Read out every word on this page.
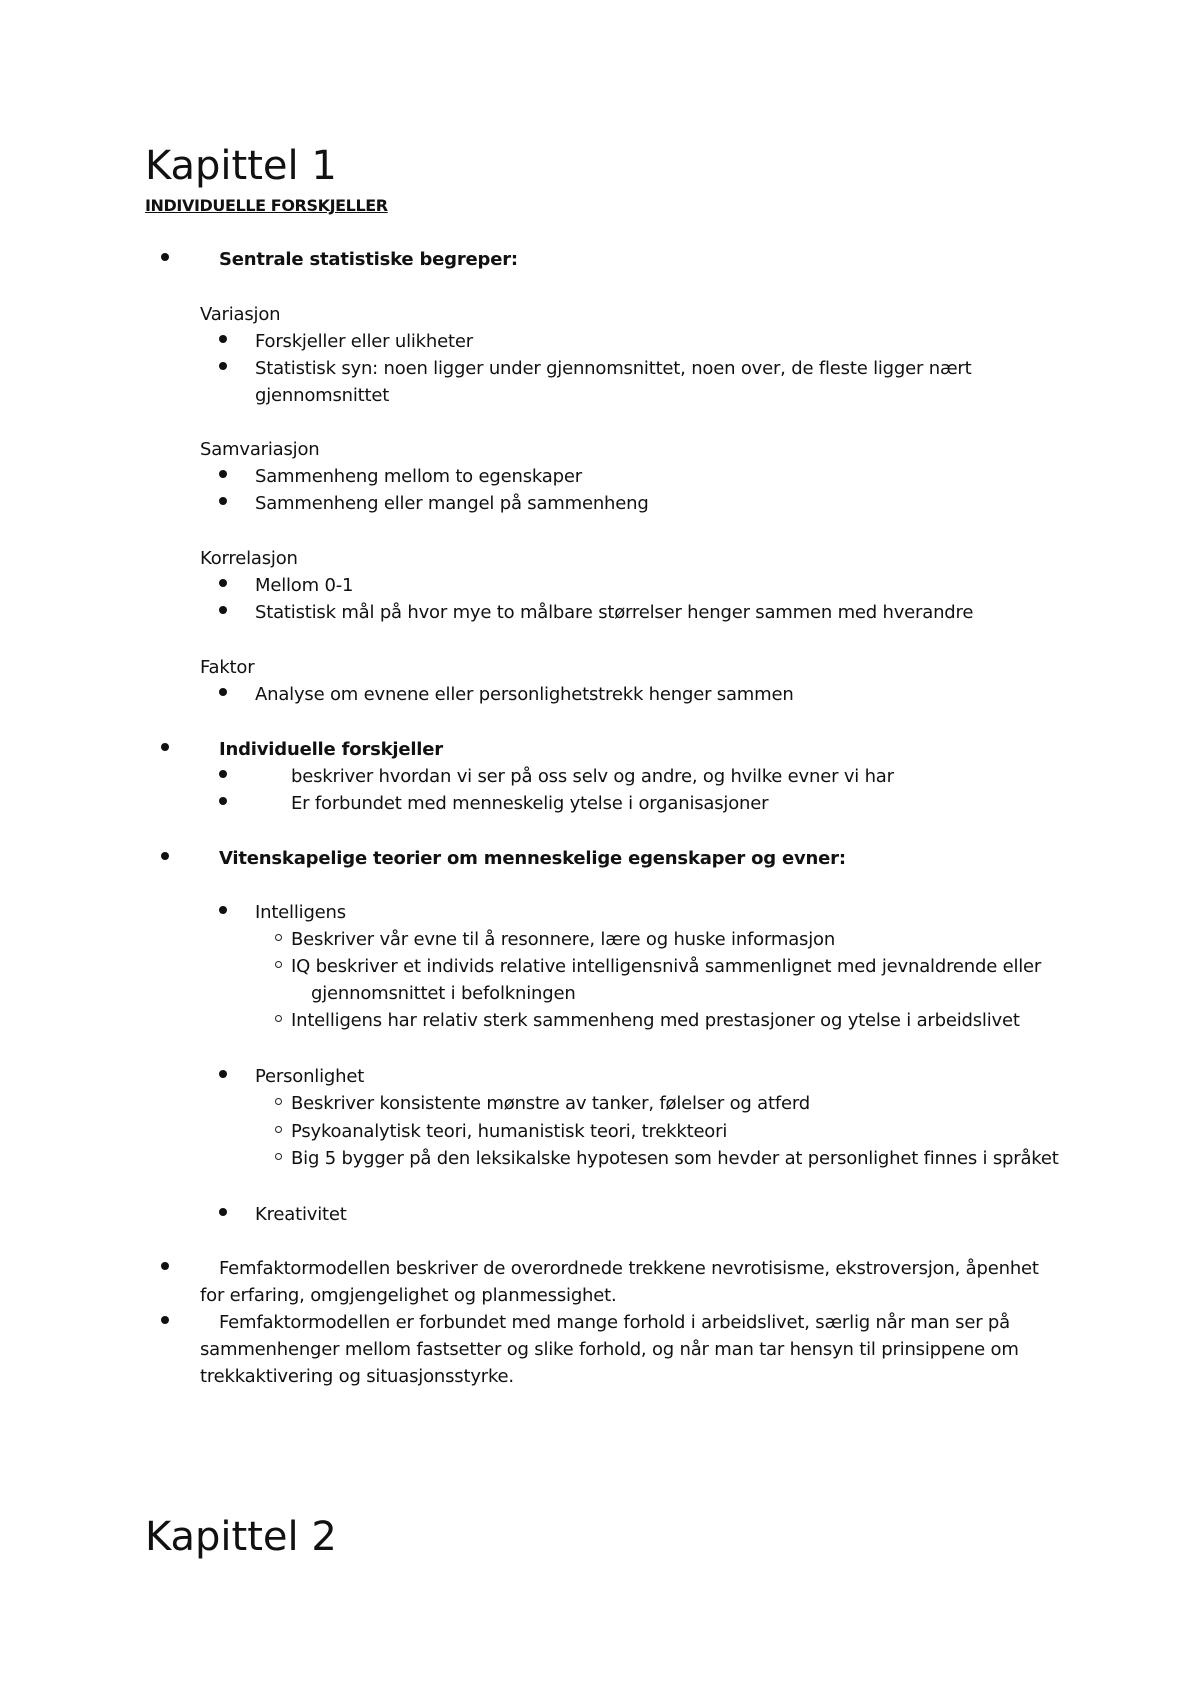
Kapittel 1
INDIVIDUELLE FORSKJELLER
Sentrale statistiske begreper:
Variasjon
Forskjeller eller ulikheter
Statistisk syn: noen ligger under gjennomsnittet, noen over, de fleste ligger nært
gjennomsnittet
Samvariasjon
Sammenheng mellom to egenskaper
Sammenheng eller mangel på sammenheng
Korrelasjon
Mellom 0-1
Statistisk mål på hvor mye to målbare størrelser henger sammen med hverandre
Faktor
Analyse om evnene eller personlighetstrekk henger sammen
Individuelle forskjeller
beskriver hvordan vi ser på oss selv og andre, og hvilke evner vi har
Er forbundet med menneskelig ytelse i organisasjoner
Vitenskapelige teorier om menneskelige egenskaper og evner:
Intelligens
Beskriver vår evne til å resonnere, lære og huske informasjon
IQ beskriver et individs relative intelligensnivå sammenlignet med jevnaldrende eller
gjennomsnittet i befolkningen
Intelligens har relativ sterk sammenheng med prestasjoner og ytelse i arbeidslivet
Personlighet
Beskriver konsistente mønstre av tanker, følelser og atferd
Psykoanalytisk teori, humanistisk teori, trekkteori
Big 5 bygger på den leksikalske hypotesen som hevder at personlighet finnes i språket
Kreativitet
Femfaktormodellen beskriver de overordnede trekkene nevrotisisme, ekstroversjon, åpenhet
for erfaring, omgjengelighet og planmessighet.
Femfaktormodellen er forbundet med mange forhold i arbeidslivet, særlig når man ser på
sammenhenger mellom fastsetter og slike forhold, og når man tar hensyn til prinsippene om
trekkaktivering og situasjonsstyrke.
Kapittel 2
